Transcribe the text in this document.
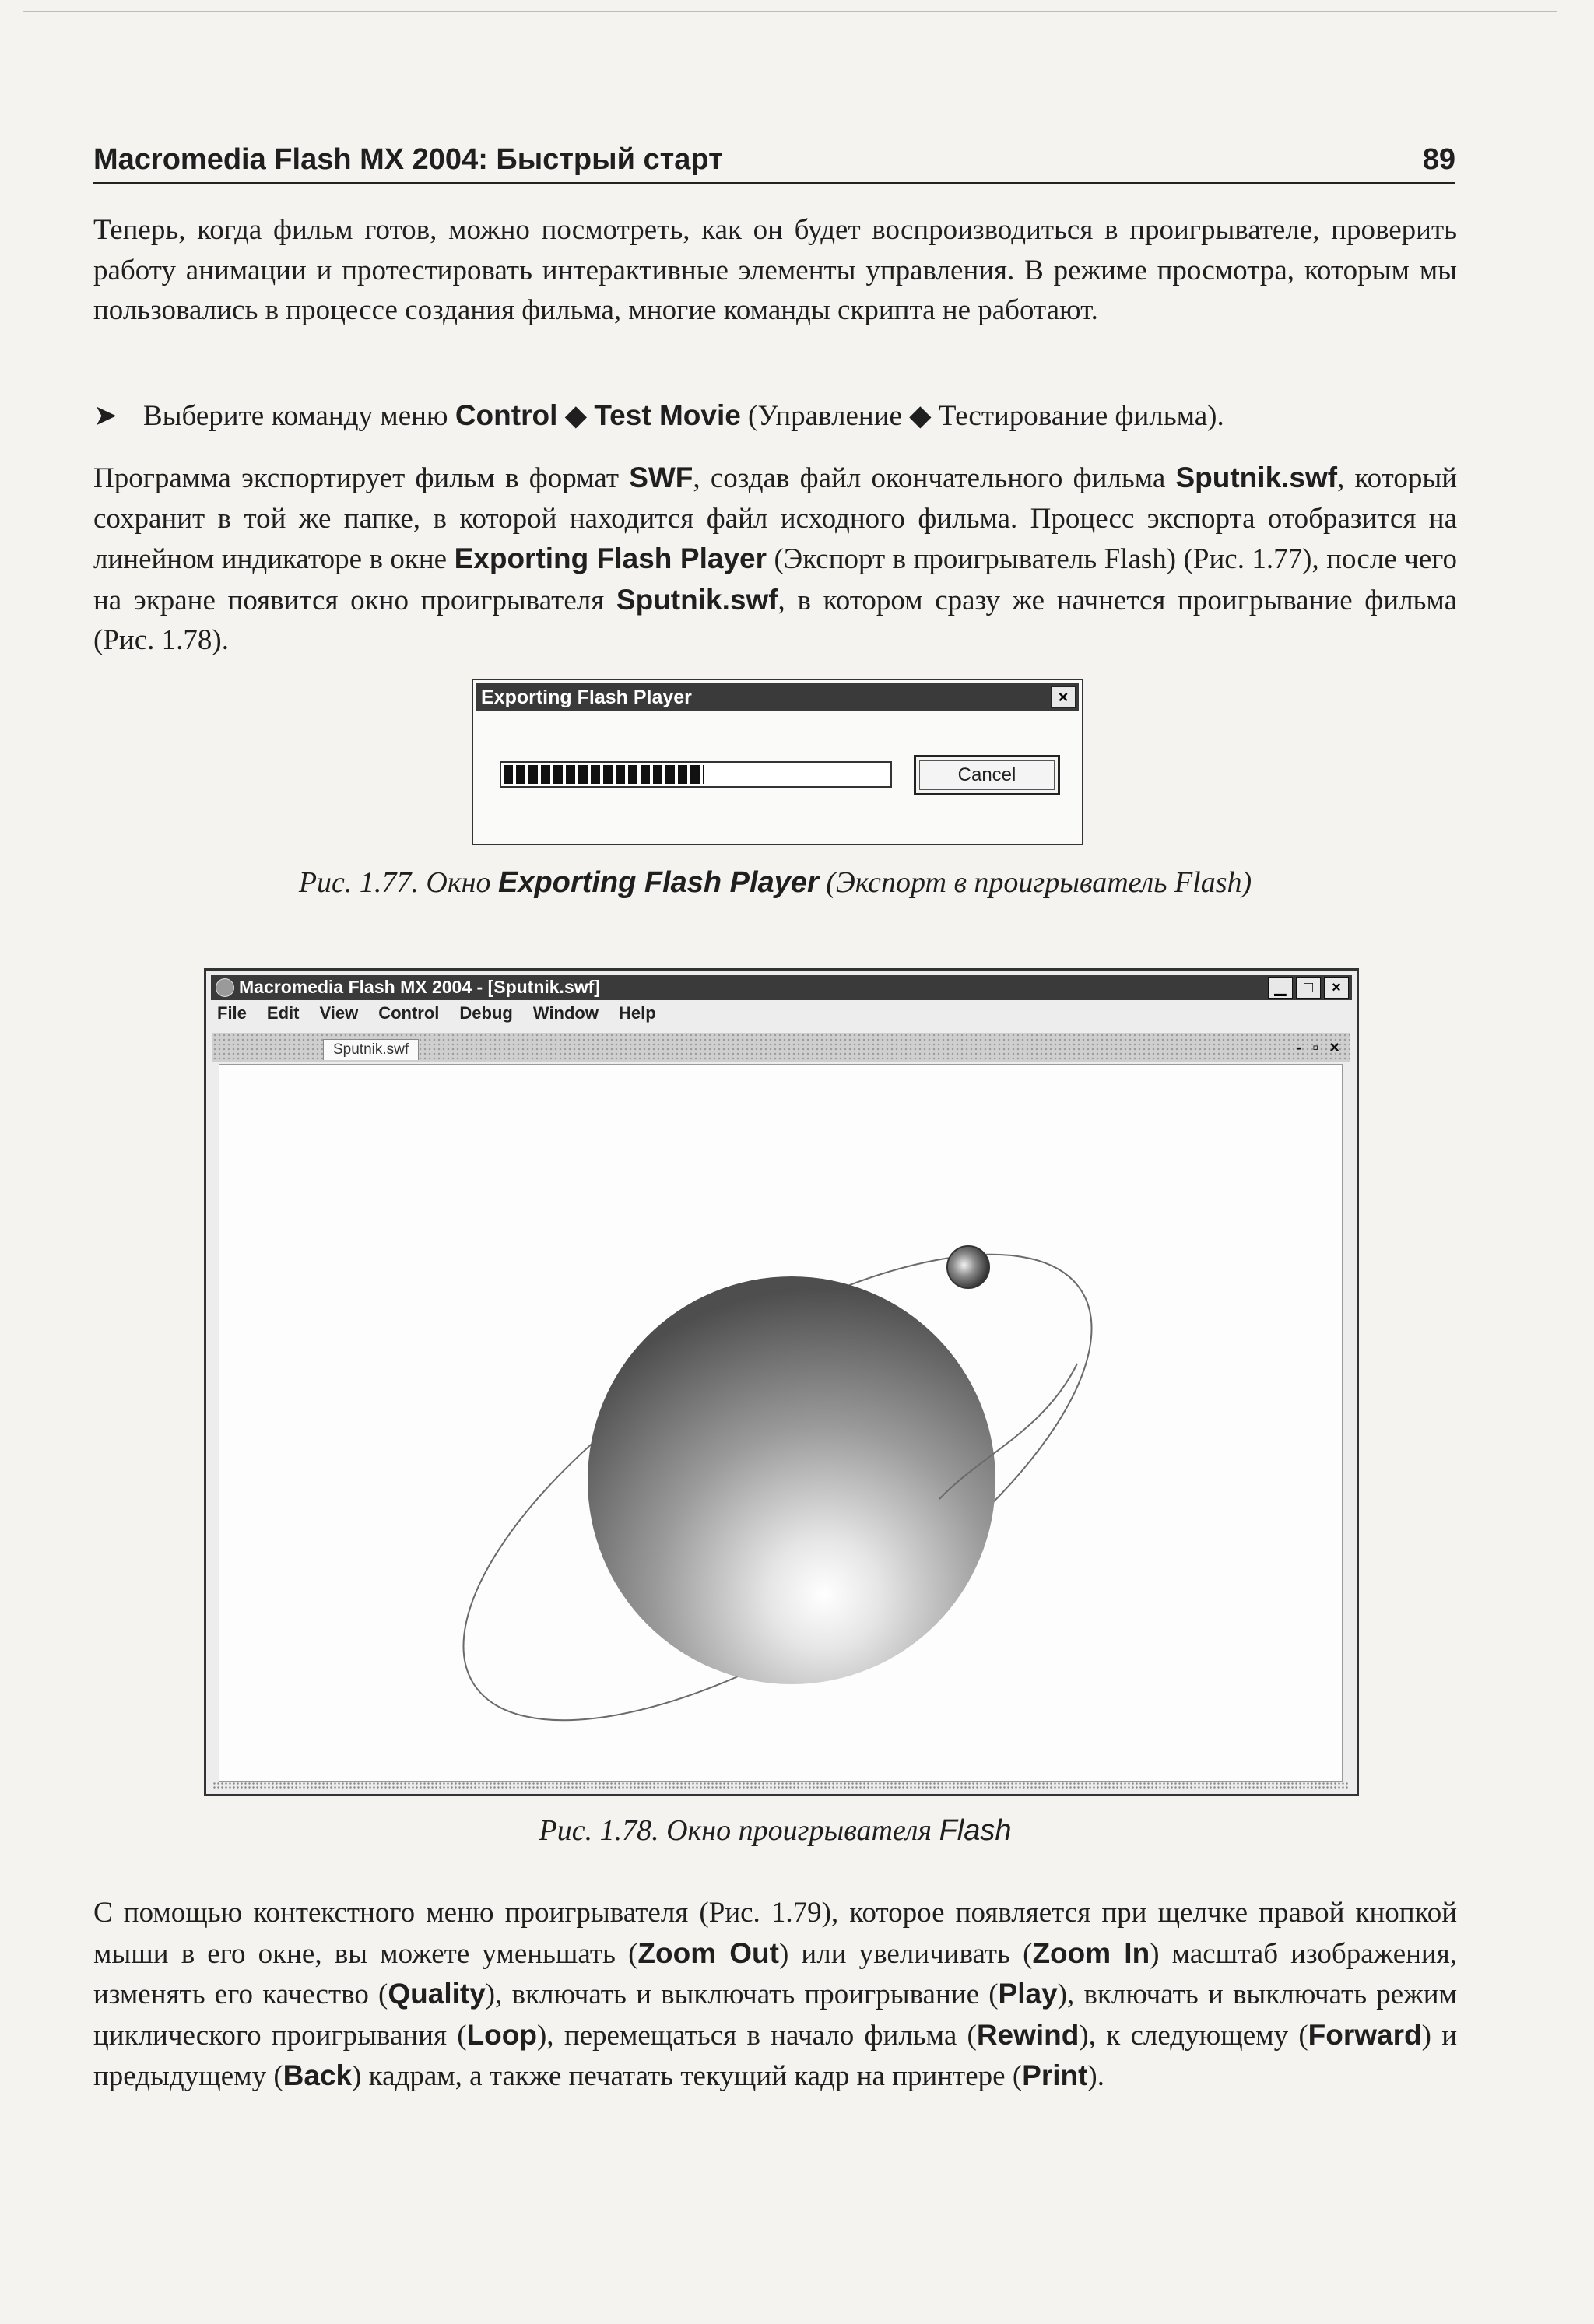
Macromedia Flash MX 2004: Быстрый старт	89
Теперь, когда фильм готов, можно посмотреть, как он будет воспроизводиться в проигрывателе, проверить работу анимации и протестировать интерактивные элементы управления. В режиме просмотра, которым мы пользовались в процессе создания фильма, многие команды скрипта не работают.
➤ Выберите команду меню Control ◆ Test Movie (Управление ◆ Тестирование фильма).
Программа экспортирует фильм в формат SWF, создав файл окончательного фильма Sputnik.swf, который сохранит в той же папке, в которой находится файл исходного фильма. Процесс экспорта отобразится на линейном индикаторе в окне Exporting Flash Player (Экспорт в проигрыватель Flash) (Рис. 1.77), после чего на экране появится окно проигрывателя Sputnik.swf, в котором сразу же начнется проигрывание фильма (Рис. 1.78).
Exporting Flash Player	×
Cancel
Рис. 1.77. Окно Exporting Flash Player (Экспорт в проигрыватель Flash)
Macromedia Flash MX 2004 - [Sputnik.swf]	▁ □ ×
File Edit View Control Debug Window Help
Sputnik.swf	- ▫ ×
Рис. 1.78. Окно проигрывателя Flash
С помощью контекстного меню проигрывателя (Рис. 1.79), которое появляется при щелчке правой кнопкой мыши в его окне, вы можете уменьшать (Zoom Out) или увеличивать (Zoom In) масштаб изображения, изменять его качество (Quality), включать и выключать проигрывание (Play), включать и выключать режим циклического проигрывания (Loop), перемещаться в начало фильма (Rewind), к следующему (Forward) и предыдущему (Back) кадрам, а также печатать текущий кадр на принтере (Print).
